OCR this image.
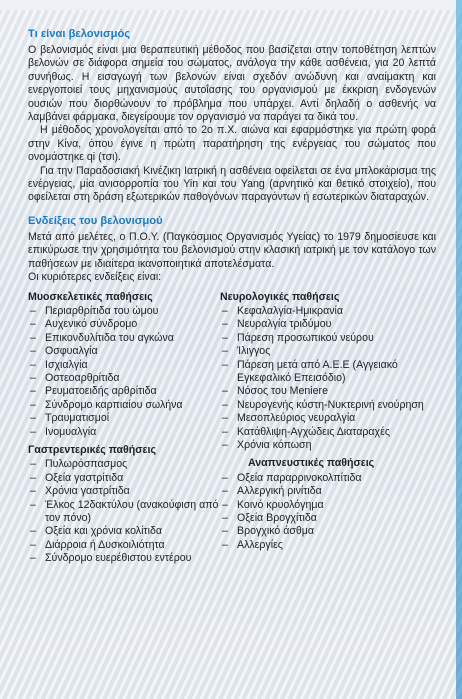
Τι είναι βελονισμός

Ο βελονισμός είναι μια θεραπευτική μέθοδος που βασίζεται στην τοποθέτηση λεπτών βελονών σε διάφορα σημεία του σώματος, ανάλογα την κάθε ασθένεια, για 20 λεπτά συνήθως. Η εισαγωγή των βελονών είναι σχεδόν ανώδυνη και αναίμακτη και ενεργοποιεί τους μηχανισμούς αυτοΐασης του οργανισμού με έκκριση ενδογενών ουσιών που διορθώνουν το πρόβλημα που υπάρχει. Αντί δηλαδή ο ασθενής να λαμβάνει φάρμακα, διεγείρουμε τον οργανισμό να παράγει τα δικά του.

Η μέθοδος χρονολογείται από το 2ο π.Χ. αιώνα και εφαρμόστηκε για πρώτη φορά στην Κίνα, όπου έγινε η πρώτη παρατήρηση της ενέργειας του σώματος που ονομάστηκε qi (τσι).

Για την Παραδοσιακή Κινέζικη Ιατρική η ασθένεια οφείλεται σε ένα μπλοκάρισμα της ενέργειας, μία ανισορροπία του Yin και του Yang (αρνητικό και θετικό στοιχείο), που οφείλεται στη δράση εξωτερικών παθογόνων παραγόντων ή εσωτερικών διαταραχών.

Ενδείξεις του βελονισμού

Μετά από μελέτες, ο Π.Ο.Υ. (Παγκόσμιος Οργανισμός Υγείας) το 1979 δημοσίευσε και επικύρωσε την χρησιμότητα του βελονισμού στην κλασική ιατρική με τον κατάλογο των παθήσεων με ιδιαίτερα ικανοποιητικά αποτελέσματα.

Οι κυριότερες ενδείξεις είναι:

Μυοσκελετικές παθήσεις
– Περιαρθρίτιδα του ώμου
– Αυχενικό σύνδρομο
– Επικονδυλίτιδα του αγκώνα
– Οσφυαλγία
– Ισχιαλγία
– Οστεοαρθρίτιδα
– Ρευματοειδής αρθρίτιδα
– Σύνδρομο καρπιαίου σωλήνα
– Τραυματισμοί
– Ινομυαλγία
Γαστρεντερικές παθήσεις
– Πυλωρόσπασμος
– Οξεία γαστρίτιδα
– Χρόνια γαστρίτιδα
– Έλκος 12δακτύλου (ανακούφιση από τον πόνο)
– Οξεία και χρόνια κολίτιδα
– Διάρροια ή Δυσκοιλιότητα
– Σύνδρομο ευερέθιστου εντέρου
Νευρολογικές παθήσεις
– Κεφαλαλγία-Ημικρανία
– Νευραλγία τριδύμου
– Πάρεση προσωπικού νεύρου
– Ίλιγγος
– Πάρεση μετά από Α.Ε.Ε (Αγγειακό Εγκεφαλικό Επεισόδιο)
– Νόσος του Meniere
– Νευρογενής κύστη-Νυκτερινή ενούρηση
– Μεσοπλεύριος νευραλγία
– Κατάθλιψη-Αγχώδεις Διαταραχές
– Χρόνια κόπωση
Αναπνευστικές παθήσεις
– Οξεία παραρρινοκολπίτιδα
– Αλλεργική ρινίτιδα
– Κοινό κρυολόγημα
– Οξεία Βρογχίτιδα
– Βρογχικό άσθμα
– Αλλεργίες
